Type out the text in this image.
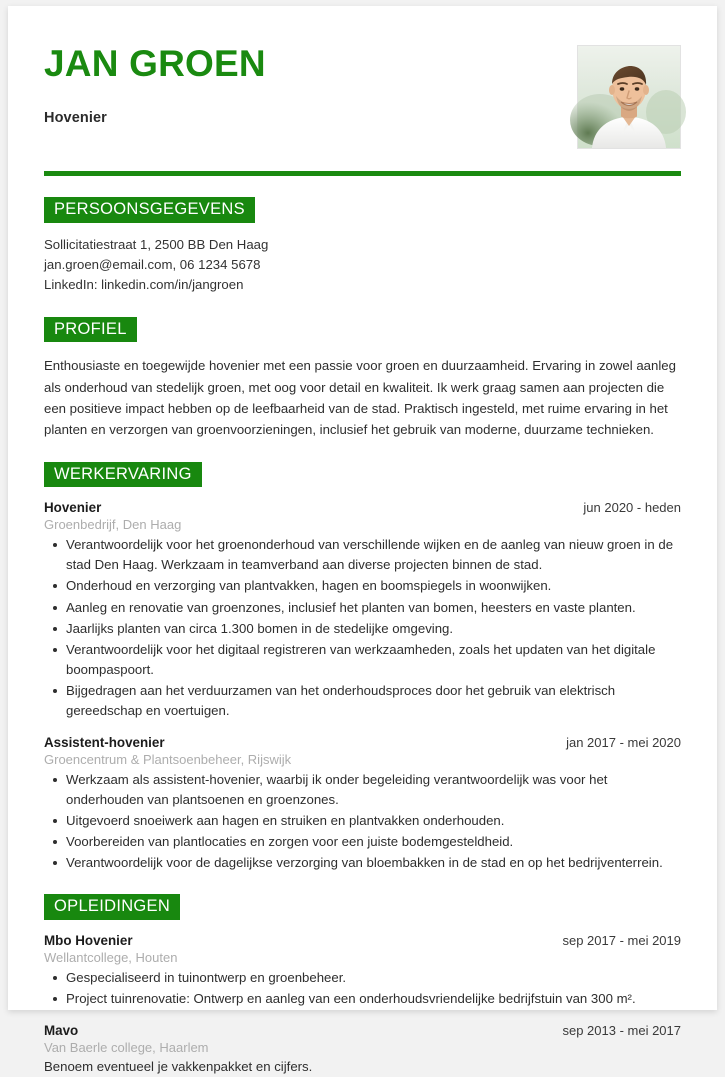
JAN GROEN
Hovenier
PERSOONSGEGEVENS
Sollicitatiestraat 1, 2500 BB Den Haag
jan.groen@email.com, 06 1234 5678
LinkedIn: linkedin.com/in/jangroen
PROFIEL
Enthousiaste en toegewijde hovenier met een passie voor groen en duurzaamheid. Ervaring in zowel aanleg als onderhoud van stedelijk groen, met oog voor detail en kwaliteit. Ik werk graag samen aan projecten die een positieve impact hebben op de leefbaarheid van de stad. Praktisch ingesteld, met ruime ervaring in het planten en verzorgen van groenvoorzieningen, inclusief het gebruik van moderne, duurzame technieken.
WERKERVARING
Hovenier	jun 2020 - heden
Groenbedrijf, Den Haag
Verantwoordelijk voor het groenonderhoud van verschillende wijken en de aanleg van nieuw groen in de stad Den Haag. Werkzaam in teamverband aan diverse projecten binnen de stad.
Onderhoud en verzorging van plantvakken, hagen en boomspiegels in woonwijken.
Aanleg en renovatie van groenzones, inclusief het planten van bomen, heesters en vaste planten.
Jaarlijks planten van circa 1.300 bomen in de stedelijke omgeving.
Verantwoordelijk voor het digitaal registreren van werkzaamheden, zoals het updaten van het digitale boompaspoort.
Bijgedragen aan het verduurzamen van het onderhoudsproces door het gebruik van elektrisch gereedschap en voertuigen.
Assistent-hovenier	jan 2017 - mei 2020
Groencentrum & Plantsoenbeheer, Rijswijk
Werkzaam als assistent-hovenier, waarbij ik onder begeleiding verantwoordelijk was voor het onderhouden van plantsoenen en groenzones.
Uitgevoerd snoeiwerk aan hagen en struiken en plantvakken onderhouden.
Voorbereiden van plantlocaties en zorgen voor een juiste bodemgesteldheid.
Verantwoordelijk voor de dagelijkse verzorging van bloembakken in de stad en op het bedrijventerrein.
OPLEIDINGEN
Mbo Hovenier	sep 2017 - mei 2019
Wellantcollege, Houten
Gespecialiseerd in tuinontwerp en groenbeheer.
Project tuinrenovatie: Ontwerp en aanleg van een onderhoudsvriendelijke bedrijfstuin van 300 m².
Mavo	sep 2013 - mei 2017
Van Baerle college, Haarlem
Benoem eventueel je vakkenpakket en cijfers.
